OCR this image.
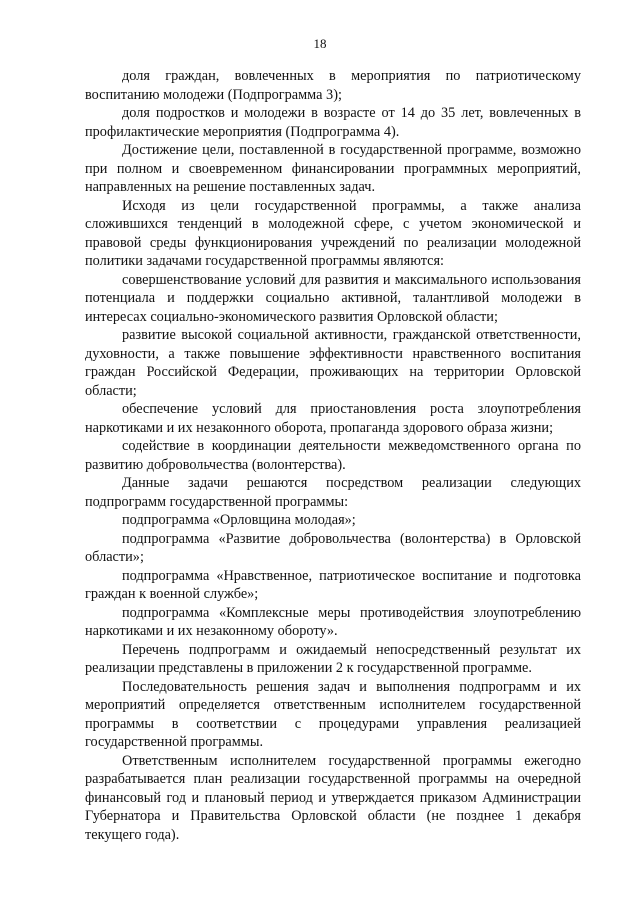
18

доля граждан, вовлеченных в мероприятия по патриотическому воспитанию молодежи (Подпрограмма 3);

доля подростков и молодежи в возрасте от 14 до 35 лет, вовлеченных в профилактические мероприятия (Подпрограмма 4).

Достижение цели, поставленной в государственной программе, возможно при полном и своевременном финансировании программных мероприятий, направленных на решение поставленных задач.

Исходя из цели государственной программы, а также анализа сложившихся тенденций в молодежной сфере, с учетом экономической и правовой среды функционирования учреждений по реализации молодежной политики задачами государственной программы являются:

совершенствование условий для развития и максимального использования потенциала и поддержки социально активной, талантливой молодежи в интересах социально-экономического развития Орловской области;

развитие высокой социальной активности, гражданской ответственности, духовности, а также повышение эффективности нравственного воспитания граждан Российской Федерации, проживающих на территории Орловской области;

обеспечение условий для приостановления роста злоупотребления наркотиками и их незаконного оборота, пропаганда здорового образа жизни;

содействие в координации деятельности межведомственного органа по развитию добровольчества (волонтерства).

Данные задачи решаются посредством реализации следующих подпрограмм государственной программы:

подпрограмма «Орловщина молодая»;

подпрограмма «Развитие добровольчества (волонтерства) в Орловской области»;

подпрограмма «Нравственное, патриотическое воспитание и подготовка граждан к военной службе»;

подпрограмма «Комплексные меры противодействия злоупотреблению наркотиками и их незаконному обороту».

Перечень подпрограмм и ожидаемый непосредственный результат их реализации представлены в приложении 2 к государственной программе.

Последовательность решения задач и выполнения подпрограмм и их мероприятий определяется ответственным исполнителем государственной программы в соответствии с процедурами управления реализацией государственной программы.

Ответственным исполнителем государственной программы ежегодно разрабатывается план реализации государственной программы на очередной финансовый год и плановый период и утверждается приказом Администрации Губернатора и Правительства Орловской области (не позднее 1 декабря текущего года).
